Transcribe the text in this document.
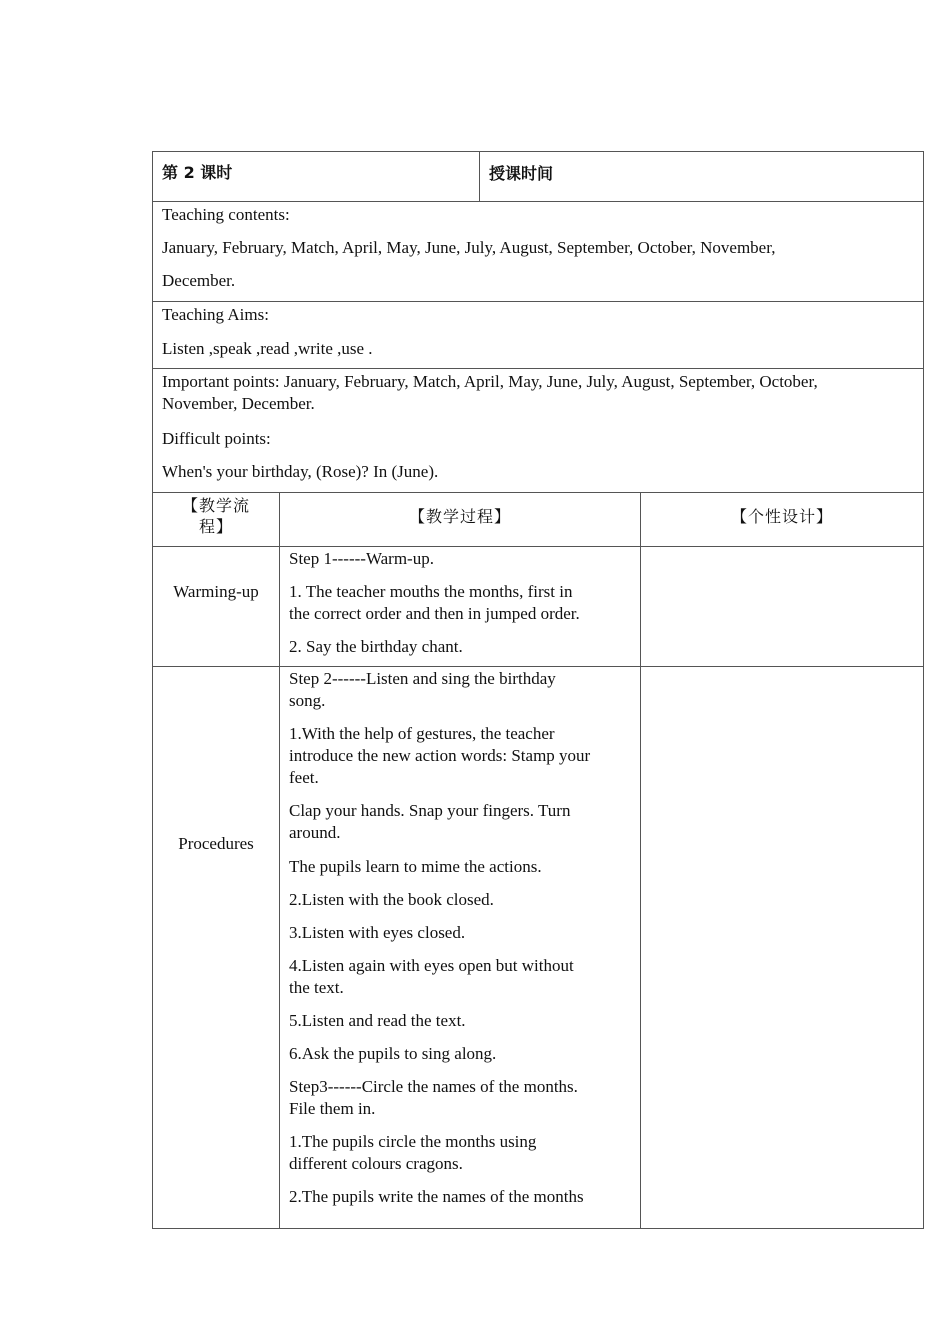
第 2 课时	授课时间
Teaching contents:
January, February, Match, April, May, June, July, August, September, October, November,
December.
Teaching Aims:
Listen ,speak ,read ,write ,use .
Important points: January, February, Match, April, May, June, July, August, September, October,
November, December.
Difficult points:
When's your birthday, (Rose)? In (June).
【教学流
程】
【教学过程】	【个性设计】
Warming-up
Step 1------Warm-up.
1. The teacher mouths the months, first in
the correct order and then in jumped order.
2. Say the birthday chant.
Procedures
Step 2------Listen and sing the birthday
song.
1.With the help of gestures, the teacher
introduce the new action words: Stamp your
feet.
Clap your hands. Snap your fingers. Turn
around.
The pupils learn to mime the actions.
2.Listen with the book closed.
3.Listen with eyes closed.
4.Listen again with eyes open but without
the text.
5.Listen and read the text.
6.Ask the pupils to sing along.
Step3------Circle the names of the months.
File them in.
1.The pupils circle the months using
different colours cragons.
2.The pupils write the names of the months
